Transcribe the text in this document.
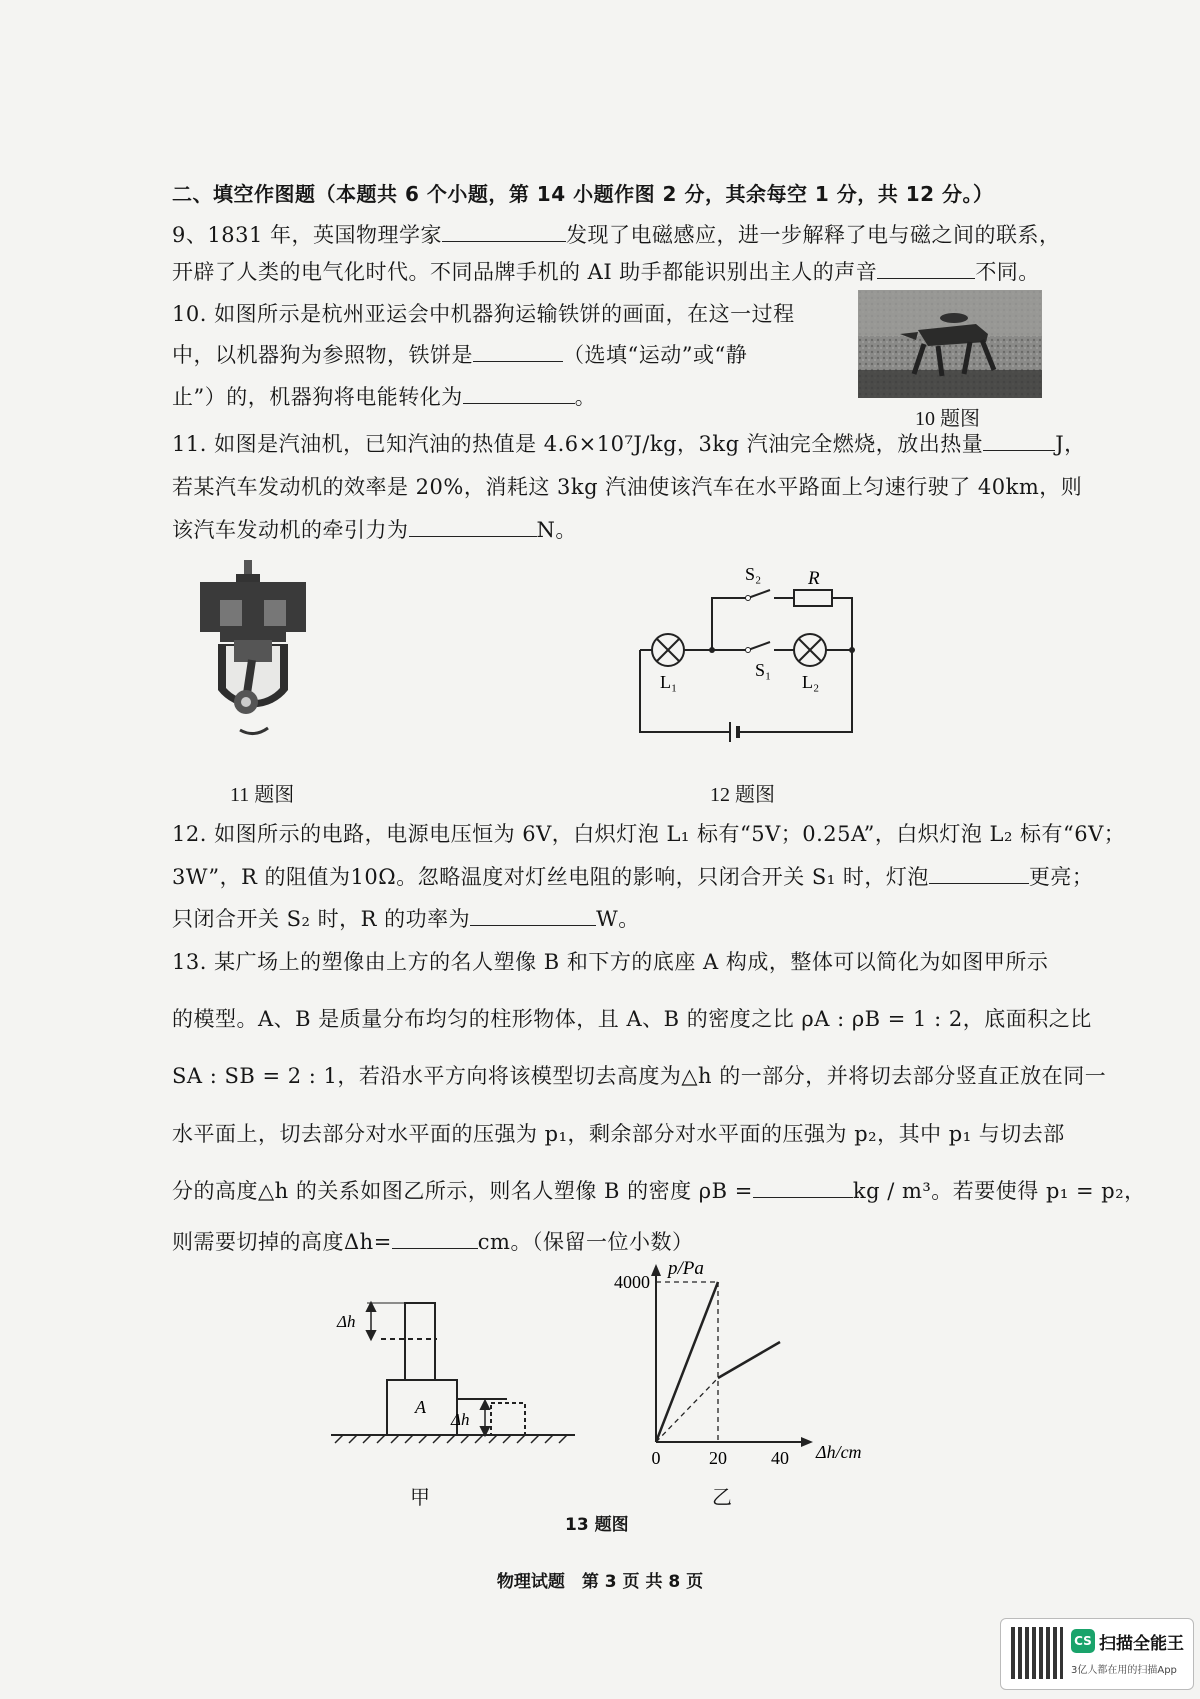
二、填空作图题（本题共 6 个小题，第 14 小题作图 2 分，其余每空 1 分，共 12 分。）
9、1831 年，英国物理学家	发现了电磁感应，进一步解释了电与磁之间的联系，
开辟了人类的电气化时代。不同品牌手机的 AI 助手都能识别出主人的声音	不同。
10. 如图所示是杭州亚运会中机器狗运输铁饼的画面，在这一过程
中，以机器狗为参照物，铁饼是	（选填“运动”或“静
止”）的，机器狗将电能转化为	。
10 题图
11. 如图是汽油机，已知汽油的热值是 4.6×10⁷J/kg，3kg 汽油完全燃烧，放出热量	J，
若某汽车发动机的效率是 20%，消耗这 3kg 汽油使该汽车在水平路面上匀速行驶了 40km，则
该汽车发动机的牵引力为	N。
11 题图
S₂ R
S₁
L₁	L₂
12 题图
12. 如图所示的电路，电源电压恒为 6V，白炽灯泡 L₁ 标有“5V；0.25A”，白炽灯泡 L₂ 标有“6V；
3W”，R 的阻值为10Ω。忽略温度对灯丝电阻的影响，只闭合开关 S₁ 时，灯泡	更亮；
只闭合开关 S₂ 时，R 的功率为	W。
13. 某广场上的塑像由上方的名人塑像 B 和下方的底座 A 构成，整体可以简化为如图甲所示
的模型。A、B 是质量分布均匀的柱形物体，且 A、B 的密度之比 ρA : ρB = 1 : 2，底面积之比
SA : SB = 2 : 1，若沿水平方向将该模型切去高度为△h 的一部分，并将切去部分竖直正放在同一
水平面上，切去部分对水平面的压强为 p₁，剩余部分对水平面的压强为 p₂，其中 p₁ 与切去部
分的高度△h 的关系如图乙所示，则名人塑像 B 的密度 ρB =	kg / m³。若要使得 p₁ = p₂，
则需要切掉的高度Δh=	cm。（保留一位小数）
Δh
A
Δh
甲
0	20 40
4000
p/Pa
Δh/cm
乙
13 题图
物理试题　第 3 页 共 8 页
CS 扫描全能王
3亿人都在用的扫描App
